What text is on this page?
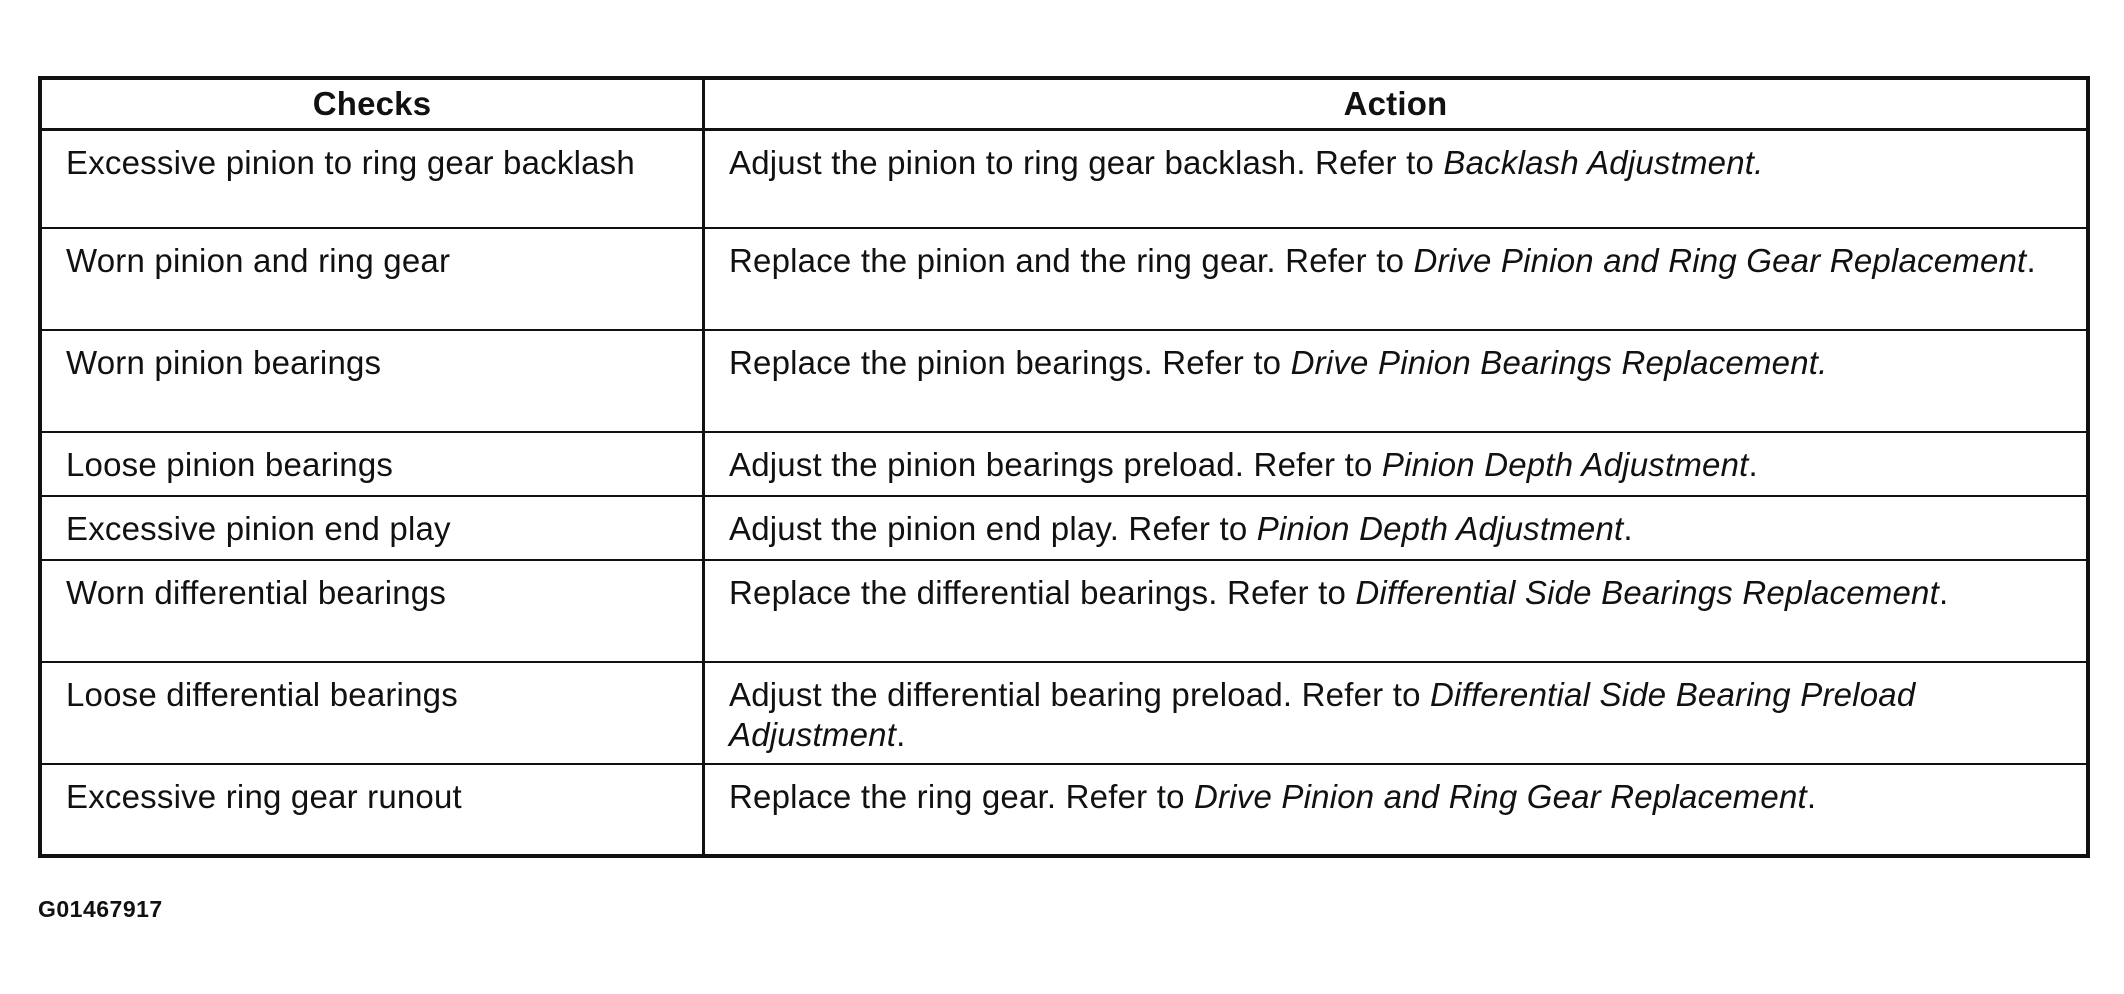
Checks	Action
Excessive pinion to ring gear backlash	Adjust the pinion to ring gear backlash. Refer to Backlash Adjustment.
Worn pinion and ring gear	Replace the pinion and the ring gear. Refer to Drive Pinion and Ring Gear Replacement.
Worn pinion bearings	Replace the pinion bearings. Refer to Drive Pinion Bearings Replacement.
Loose pinion bearings	Adjust the pinion bearings preload. Refer to Pinion Depth Adjustment.
Excessive pinion end play	Adjust the pinion end play. Refer to Pinion Depth Adjustment.
Worn differential bearings	Replace the differential bearings. Refer to Differential Side Bearings Replacement.
Loose differential bearings	Adjust the differential bearing preload. Refer to Differential Side Bearing Preload Adjustment.
Excessive ring gear runout	Replace the ring gear. Refer to Drive Pinion and Ring Gear Replacement.
G01467917
